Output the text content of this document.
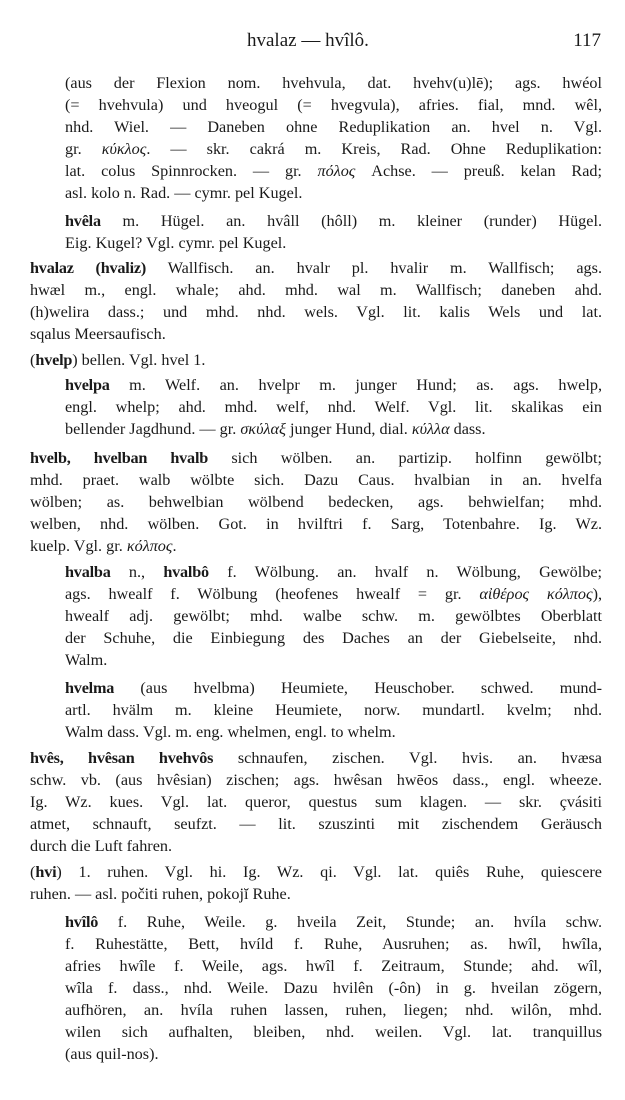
hvalaz — hvîlô.	117
(aus der Flexion nom. hvehvula, dat. hvehv(u)lē); ags. hwéol
(= hvehvula) und hveogul (= hvegvula), afries. fial, mnd. wêl,
nhd. Wiel. — Daneben ohne Reduplikation an. hvel n. Vgl.
gr. κύκλος. — skr. cakrá m. Kreis, Rad. Ohne Reduplikation:
lat. colus Spinnrocken. — gr. πόλος Achse. — preuß. kelan Rad;
asl. kolo n. Rad. — cymr. pel Kugel.
hvêla m. Hügel. an. hvâll (hôll) m. kleiner (runder) Hügel.
Eig. Kugel? Vgl. cymr. pel Kugel.
hvalaz (hvaliz) Wallfisch. an. hvalr pl. hvalir m. Wallfisch; ags.
hwæl m., engl. whale; ahd. mhd. wal m. Wallfisch; daneben ahd.
(h)welira dass.; und mhd. nhd. wels. Vgl. lit. kalis Wels und lat.
sqalus Meersaufisch.
(hvelp) bellen. Vgl. hvel 1.
hvelpa m. Welf. an. hvelpr m. junger Hund; as. ags. hwelp,
engl. whelp; ahd. mhd. welf, nhd. Welf. Vgl. lit. skalikas ein
bellender Jagdhund. — gr. σκύλαξ junger Hund, dial. κύλλα dass.
hvelb, hvelban hvalb sich wölben. an. partizip. holfinn gewölbt;
mhd. praet. walb wölbte sich. Dazu Caus. hvalbian in an. hvelfa
wölben; as. behwelbian wölbend bedecken, ags. behwielfan; mhd.
welben, nhd. wölben. Got. in hvilftri f. Sarg, Totenbahre. Ig. Wz.
kuelp. Vgl. gr. κόλπος.
hvalba n., hvalbô f. Wölbung. an. hvalf n. Wölbung, Gewölbe;
ags. hwealf f. Wölbung (heofenes hwealf = gr. αἰθέρος κόλπος),
hwealf adj. gewölbt; mhd. walbe schw. m. gewölbtes Oberblatt
der Schuhe, die Einbiegung des Daches an der Giebelseite, nhd.
Walm.
hvelma (aus hvelbma) Heumiete, Heuschober. schwed. mund-
artl. hvälm m. kleine Heumiete, norw. mundartl. kvelm; nhd.
Walm dass. Vgl. m. eng. whelmen, engl. to whelm.
hvês, hvêsan hvehvôs schnaufen, zischen. Vgl. hvis. an. hvæsa
schw. vb. (aus hvêsian) zischen; ags. hwêsan hwēos dass., engl. wheeze.
Ig. Wz. kues. Vgl. lat. queror, questus sum klagen. — skr. çvásiti
atmet, schnauft, seufzt. — lit. szuszinti mit zischendem Geräusch
durch die Luft fahren.
(hvi) 1. ruhen. Vgl. hi. Ig. Wz. qi. Vgl. lat. quiês Ruhe, quiescere
ruhen. — asl. počiti ruhen, pokojĭ Ruhe.
hvîlô f. Ruhe, Weile. g. hveila Zeit, Stunde; an. hvíla schw.
f. Ruhestätte, Bett, hvíld f. Ruhe, Ausruhen; as. hwîl, hwîla,
afries hwîle f. Weile, ags. hwîl f. Zeitraum, Stunde; ahd. wîl,
wîla f. dass., nhd. Weile. Dazu hvilên (-ôn) in g. hveilan zögern,
aufhören, an. hvíla ruhen lassen, ruhen, liegen; nhd. wilôn, mhd.
wilen sich aufhalten, bleiben, nhd. weilen. Vgl. lat. tranquillus
(aus quil-nos).
